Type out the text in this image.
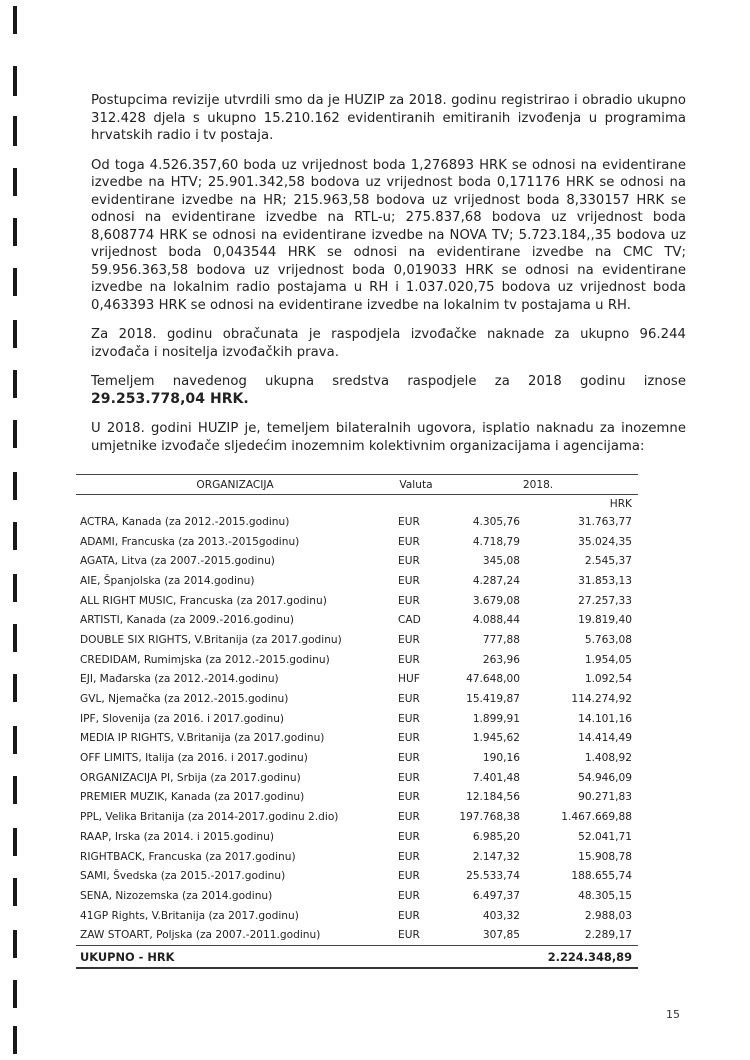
Postupcima revizije utvrdili smo da je HUZIP za 2018. godinu registrirao i obradio ukupno 312.428 djela s ukupno 15.210.162 evidentiranih emitiranih izvođenja u programima hrvatskih radio i tv postaja.

Od toga 4.526.357,60 boda uz vrijednost boda 1,276893 HRK se odnosi na evidentirane izvedbe na HTV; 25.901.342,58 bodova uz vrijednost boda 0,171176 HRK se odnosi na evidentirane izvedbe na HR; 215.963,58 bodova uz vrijednost boda 8,330157 HRK se odnosi na evidentirane izvedbe na RTL-u; 275.837,68 bodova uz vrijednost boda 8,608774 HRK se odnosi na evidentirane izvedbe na NOVA TV; 5.723.184,,35 bodova uz vrijednost boda 0,043544 HRK se odnosi na evidentirane izvedbe na CMC TV; 59.956.363,58 bodova uz vrijednost boda 0,019033 HRK se odnosi na evidentirane izvedbe na lokalnim radio postajama u RH i 1.037.020,75 bodova uz vrijednost boda 0,463393 HRK se odnosi na evidentirane izvedbe na lokalnim tv postajama u RH.

Za 2018. godinu obračunata je raspodjela izvođačke naknade za ukupno 96.244 izvođača i nositelja izvođačkih prava.

Temeljem navedenog ukupna sredstva raspodjele za 2018 godinu iznose 29.253.778,04 HRK.

U 2018. godini HUZIP je, temeljem bilateralnih ugovora, isplatio naknadu za inozemne umjetnike izvođače sljedećim inozemnim kolektivnim organizacijama i agencijama:

ORGANIZACIJA	Valuta	2018.	
			HRK
ACTRA, Kanada (za 2012.-2015.godinu)	EUR	4.305,76	31.763,77
ADAMI, Francuska (za 2013.-2015godinu)	EUR	4.718,79	35.024,35
AGATA, Litva (za 2007.-2015.godinu)	EUR	345,08	2.545,37
AIE, Španjolska (za 2014.godinu)	EUR	4.287,24	31.853,13
ALL RIGHT MUSIC, Francuska (za 2017.godinu)	EUR	3.679,08	27.257,33
ARTISTI, Kanada (za 2009.-2016.godinu)	CAD	4.088,44	19.819,40
DOUBLE SIX RIGHTS, V.Britanija (za 2017.godinu)	EUR	777,88	5.763,08
CREDIDAM, Rumimjska (za 2012.-2015.godinu)	EUR	263,96	1.954,05
EJI, Mađarska (za 2012.-2014.godinu)	HUF	47.648,00	1.092,54
GVL, Njemačka (za 2012.-2015.godinu)	EUR	15.419,87	114.274,92
IPF, Slovenija (za 2016. i 2017.godinu)	EUR	1.899,91	14.101,16
MEDIA IP RIGHTS, V.Britanija (za 2017.godinu)	EUR	1.945,62	14.414,49
OFF LIMITS, Italija (za 2016. i 2017.godinu)	EUR	190,16	1.408,92
ORGANIZACIJA PI, Srbija (za 2017.godinu)	EUR	7.401,48	54.946,09
PREMIER MUZIK, Kanada (za 2017.godinu)	EUR	12.184,56	90.271,83
PPL, Velika Britanija (za 2014-2017.godinu 2.dio)	EUR	197.768,38	1.467.669,88
RAAP, Irska (za 2014. i 2015.godinu)	EUR	6.985,20	52.041,71
RIGHTBACK, Francuska (za 2017.godinu)	EUR	2.147,32	15.908,78
SAMI, Švedska (za 2015.-2017.godinu)	EUR	25.533,74	188.655,74
SENA, Nizozemska (za 2014.godinu)	EUR	6.497,37	48.305,15
41GP Rights, V.Britanija (za 2017.godinu)	EUR	403,32	2.988,03
ZAW STOART, Poljska (za 2007.-2011.godinu)	EUR	307,85	2.289,17
UKUPNO - HRK			2.224.348,89
15
